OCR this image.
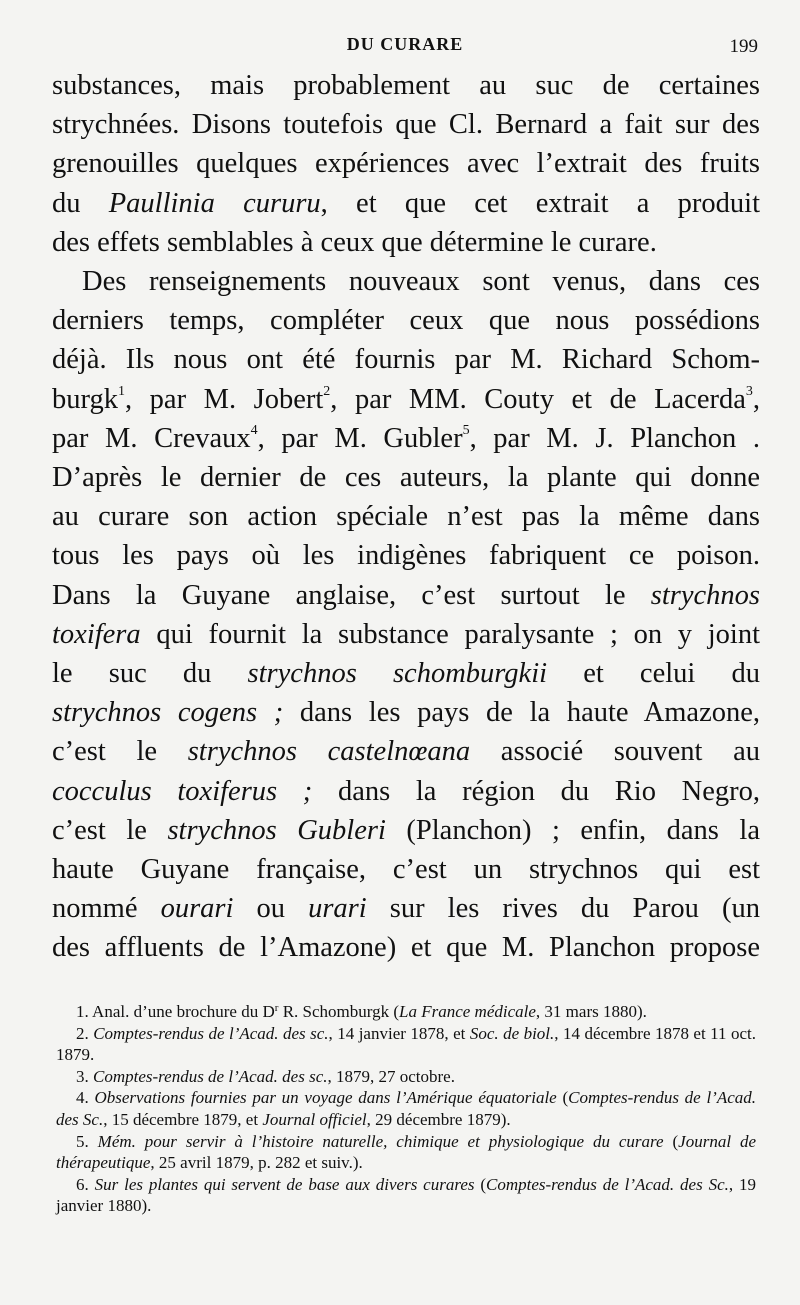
DU CURARE	199
substances, mais probablement au suc de certaines
strychnées. Disons toutefois que Cl. Bernard a fait sur des
grenouilles quelques expériences avec l’extrait des fruits
du Paullinia cururu, et que cet extrait a produit
des effets semblables à ceux que détermine le curare.
Des renseignements nouveaux sont venus, dans ces
derniers temps, compléter ceux que nous possédions
déjà. Ils nous ont été fournis par M. Richard Schom-
burgk$^1$, par M. Jobert$^2$, par MM. Couty et de Lacerda$^3$,
par M. Crevaux$^4$, par M. Gubler$^5$, par M. J. Planchon .
D’après le dernier de ces auteurs, la plante qui donne
au curare son action spéciale n’est pas la même dans
tous les pays où les indigènes fabriquent ce poison.
Dans la Guyane anglaise, c’est surtout le strychnos
toxifera qui fournit la substance paralysante ; on y joint
le suc du strychnos schomburgkii et celui du
strychnos cogens ; dans les pays de la haute Amazone,
c’est le strychnos castelnœana associé souvent au
cocculus toxiferus ; dans la région du Rio Negro,
c’est le strychnos Gubleri (Planchon) ; enfin, dans la
haute Guyane française, c’est un strychnos qui est
nommé ourari ou urari sur les rives du Parou (un
des affluents de l’Amazone) et que M. Planchon propose
1. Anal. d’une brochure du $D^r$ R. Schomburgk (La France médicale, 31 mars 1880).
2. Comptes-rendus de l’Acad. des sc., 14 janvier 1878, et Soc. de biol., 14 décembre 1878 et 11 oct. 1879.
3. Comptes-rendus de l’Acad. des sc., 1879, 27 octobre.
4. Observations fournies par un voyage dans l’Amérique équatoriale (Comptes-rendus de l’Acad. des Sc., 15 décembre 1879, et Journal officiel, 29 décembre 1879).
5. Mém. pour servir à l’histoire naturelle, chimique et physiologique du curare (Journal de thérapeutique, 25 avril 1879, p. 282 et suiv.).
6. Sur les plantes qui servent de base aux divers curares (Comptes-rendus de l’Acad. des Sc., 19 janvier 1880).
